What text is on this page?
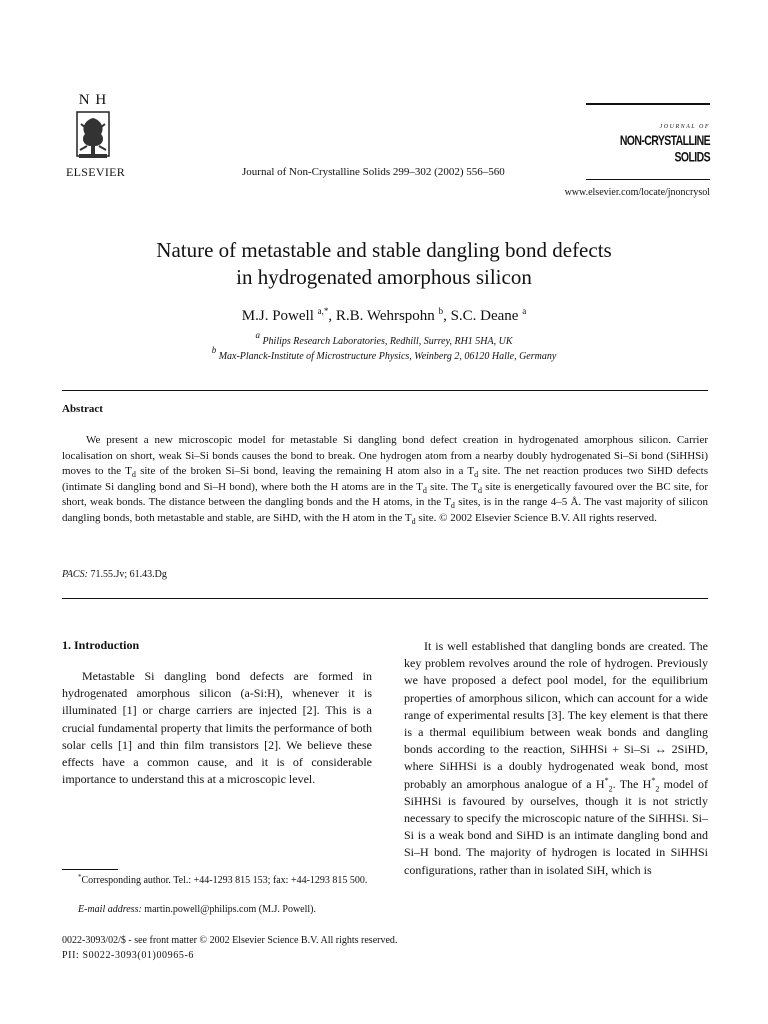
N H
ELSEVIER	Journal of Non-Crystalline Solids 299–302 (2002) 556–560
JOURNAL OF
NON-CRYSTALLINE SOLIDS
www.elsevier.com/locate/jnoncrysol
Nature of metastable and stable dangling bond defects
in hydrogenated amorphous silicon
M.J. Powell $^{a,*}$, R.B. Wehrspohn $^b$, S.C. Deane $^a$
$^a$ Philips Research Laboratories, Redhill, Surrey, RH1 5HA, UK
$^b$ Max-Planck-Institute of Microstructure Physics, Weinberg 2, 06120 Halle, Germany
Abstract

We present a new microscopic model for metastable Si dangling bond defect creation in hydrogenated amorphous silicon. Carrier localisation on short, weak Si–Si bonds causes the bond to break. One hydrogen atom from a nearby doubly hydrogenated Si–Si bond (SiHHSi) moves to the $T_d$ site of the broken Si–Si bond, leaving the remaining H atom also in a $T_d$ site. The net reaction produces two SiHD defects (intimate Si dangling bond and Si–H bond), where both the H atoms are in the $T_d$ site. The $T_d$ site is energetically favoured over the BC site, for short, weak bonds. The distance between the dangling bonds and the H atoms, in the $T_d$ sites, is in the range 4–5 Å. The vast majority of silicon dangling bonds, both metastable and stable, are SiHD, with the H atom in the $T_d$ site. © 2002 Elsevier Science B.V. All rights reserved.

PACS: 71.55.Jv; 61.43.Dg
1. Introduction

Metastable Si dangling bond defects are formed in hydrogenated amorphous silicon (a-Si:H), whenever it is illuminated [1] or charge carriers are injected [2]. This is a crucial fundamental property that limits the performance of both solar cells [1] and thin film transistors [2]. We believe these effects have a common cause, and it is of considerable importance to understand this at a microscopic level.

*Corresponding author. Tel.: +44-1293 815 153; fax: +44-1293 815 500.

E-mail address: martin.powell@philips.com (M.J. Powell).

It is well established that dangling bonds are created. The key problem revolves around the role of hydrogen. Previously we have proposed a defect pool model, for the equilibrium properties of amorphous silicon, which can account for a wide range of experimental results [3]. The key element is that there is a thermal equilibium between weak bonds and dangling bonds according to the reaction, SiHHSi + Si–Si ↔ 2SiHD, where SiHHSi is a doubly hydrogenated weak bond, most probably an amorphous analogue of a $H^*_2$. The $H^*_2$ model of SiHHSi is favoured by ourselves, though it is not strictly necessary to specify the microscopic nature of the SiHHSi. Si–Si is a weak bond and SiHD is an intimate dangling bond and Si–H bond. The majority of hydrogen is located in SiHHSi configurations, rather than in isolated SiH, which is

0022-3093/02/$ - see front matter © 2002 Elsevier Science B.V. All rights reserved.
PII: S0022-3093(01)00965-6
